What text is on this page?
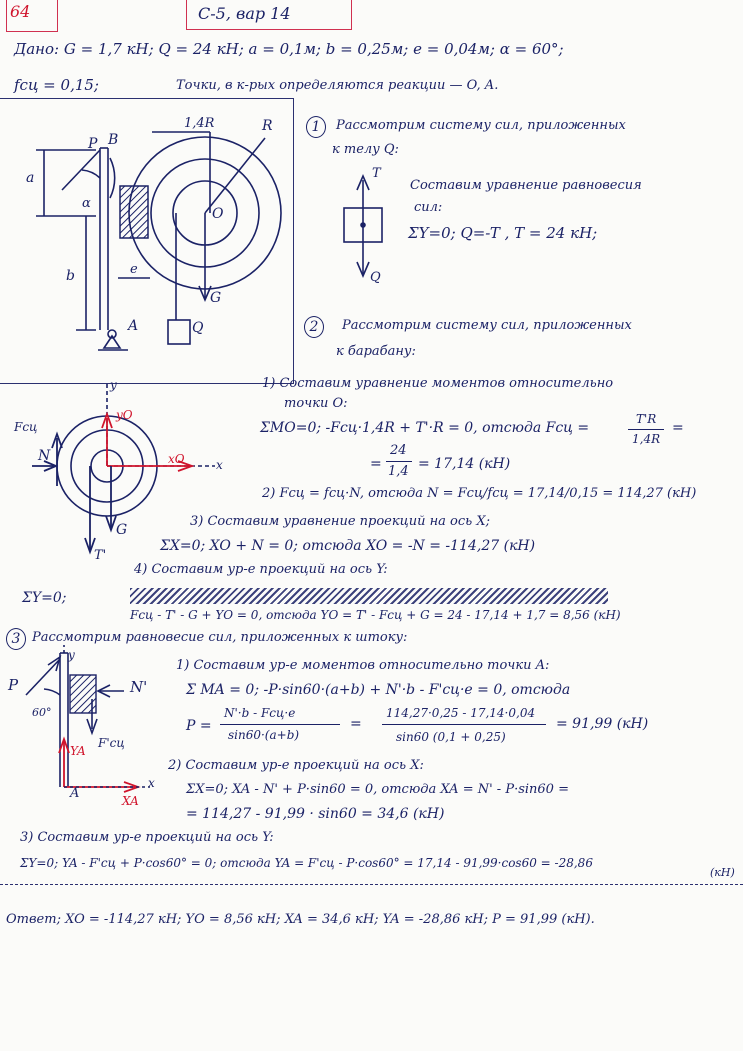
64	С-5, вар 14
Дано: G = 1,7 кН; Q = 24 кН; a = 0,1м; b = 0,25м; e = 0,04м; α = 60°;
fсц = 0,15;	Точки, в к-рых определяются реакции — O, A.
P B
a
b
α
e
A	Q
O
G
R
1,4R	1	Рассмотрим систему сил, приложенных
к телу Q:
T
Q
Составим уравнение равновесия
сил:
ΣY=0; Q=-T , T = 24 кН;
2	Рассмотрим систему сил, приложенных
к барабану:
y
yO
Fсц
N	xO	x
G
T'
1) Составим уравнение моментов относительно
точки O:
ΣMO=0; -Fсц·1,4R + T'·R = 0, отсюда Fсц =
T'R
1,4R
=
=
24
1,4 = 17,14 (кН)
2) Fсц = fсц·N, отсюда N = Fсц/fсц = 17,14/0,15 = 114,27 (кН)
3) Составим уравнение проекций на ось X;
ΣX=0; XO + N = 0; отсюда XO = -N = -114,27 (кН)
4) Составим ур-е проекций на ось Y:
ΣY=0;
Fсц - T' - G + YO = 0, отсюда YO = T' - Fсц + G = 24 - 17,14 + 1,7 = 8,56 (кН)
3 Рассмотрим равновесие сил, приложенных к штоку:
y
P
60°
N'
F'сц
YA
A	XA
x
1) Составим ур-е моментов относительно точки A:
Σ MA = 0; -P·sin60·(a+b) + N'·b - F'сц·e = 0, отсюда
P =
N'·b - Fсц·e
sin60·(a+b)
=
114,27·0,25 - 17,14·0,04
sin60 (0,1 + 0,25)
= 91,99 (кН)
2) Составим ур-е проекций на ось X:
ΣX=0; XA - N' + P·sin60 = 0, отсюда XA = N' - P·sin60 =
= 114,27 - 91,99 · sin60 = 34,6 (кН)
3) Составим ур-е проекций на ось Y:
ΣY=0; YA - F'сц + P·cos60° = 0; отсюда YA = F'сц - P·cos60° = 17,14 - 91,99·cos60 = -28,86
(кН)
Ответ; XO = -114,27 кН; YO = 8,56 кН; XA = 34,6 кН; YA = -28,86 кН; P = 91,99 (кН).
